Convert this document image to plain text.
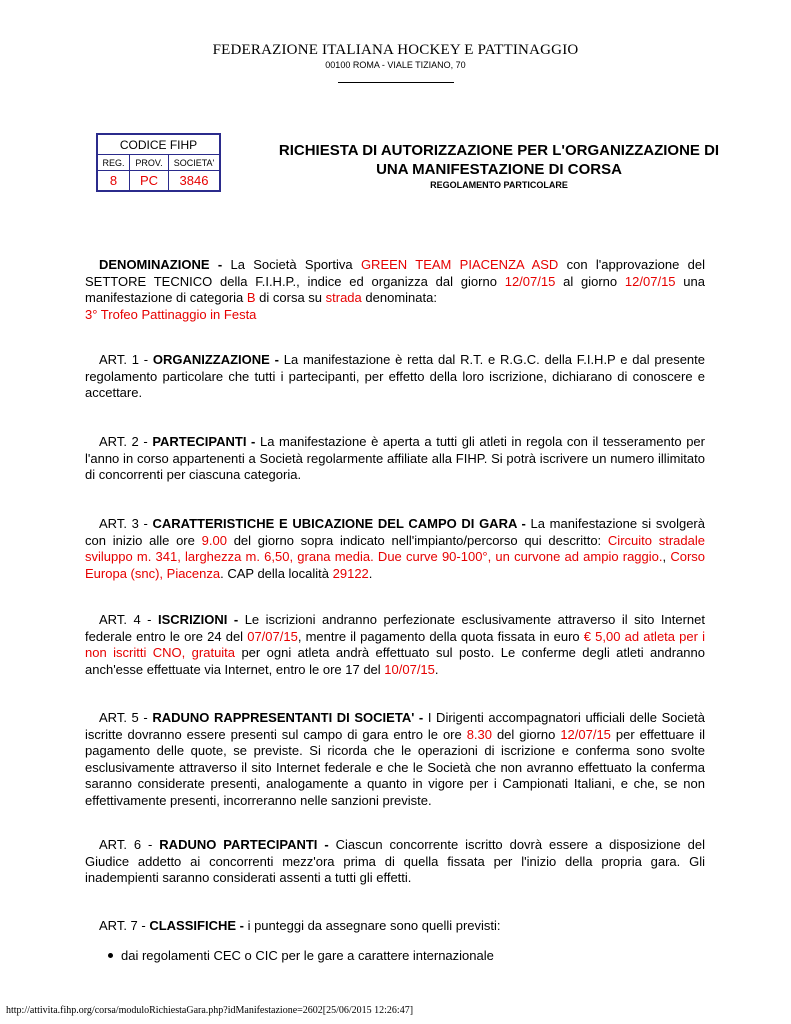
FEDERAZIONE ITALIANA HOCKEY E PATTINAGGIO
00100 ROMA - VIALE TIZIANO, 70
CODICE FIHP		
REG.	PROV.	SOCIETA'
8	PC	3846
RICHIESTA DI AUTORIZZAZIONE PER L'ORGANIZZAZIONE DI
UNA MANIFESTAZIONE DI CORSA
REGOLAMENTO PARTICOLARE
DENOMINAZIONE - La Società Sportiva GREEN TEAM PIACENZA ASD con l'approvazione del SETTORE TECNICO della F.I.H.P., indice ed organizza dal giorno 12/07/15 al giorno 12/07/15 una manifestazione di categoria B di corsa su strada denominata:
3° Trofeo Pattinaggio in Festa
ART. 1 - ORGANIZZAZIONE - La manifestazione è retta dal R.T. e R.G.C. della F.I.H.P e dal presente regolamento particolare che tutti i partecipanti, per effetto della loro iscrizione, dichiarano di conoscere e accettare.
ART. 2 - PARTECIPANTI - La manifestazione è aperta a tutti gli atleti in regola con il tesseramento per l'anno in corso appartenenti a Società regolarmente affiliate alla FIHP. Si potrà iscrivere un numero illimitato di concorrenti per ciascuna categoria.
ART. 3 - CARATTERISTICHE E UBICAZIONE DEL CAMPO DI GARA - La manifestazione si svolgerà con inizio alle ore 9.00 del giorno sopra indicato nell'impianto/percorso qui descritto: Circuito stradale sviluppo m. 341, larghezza m. 6,50, grana media. Due curve 90-100°, un curvone ad ampio raggio., Corso Europa (snc), Piacenza. CAP della località 29122.
ART. 4 - ISCRIZIONI - Le iscrizioni andranno perfezionate esclusivamente attraverso il sito Internet federale entro le ore 24 del 07/07/15, mentre il pagamento della quota fissata in euro € 5,00 ad atleta per i non iscritti CNO, gratuita per ogni atleta andrà effettuato sul posto. Le conferme degli atleti andranno anch'esse effettuate via Internet, entro le ore 17 del 10/07/15.
ART. 5 - RADUNO RAPPRESENTANTI DI SOCIETA' - I Dirigenti accompagnatori ufficiali delle Società iscritte dovranno essere presenti sul campo di gara entro le ore 8.30 del giorno 12/07/15 per effettuare il pagamento delle quote, se previste. Si ricorda che le operazioni di iscrizione e conferma sono svolte esclusivamente attraverso il sito Internet federale e che le Società che non avranno effettuato la conferma saranno considerate presenti, analogamente a quanto in vigore per i Campionati Italiani, e che, se non effettivamente presenti, incorreranno nelle sanzioni previste.
ART. 6 - RADUNO PARTECIPANTI - Ciascun concorrente iscritto dovrà essere a disposizione del Giudice addetto ai concorrenti mezz'ora prima di quella fissata per l'inizio della propria gara. Gli inadempienti saranno considerati assenti a tutti gli effetti.
ART. 7 - CLASSIFICHE - i punteggi da assegnare sono quelli previsti:
dai regolamenti CEC o CIC per le gare a carattere internazionale
http://attivita.fihp.org/corsa/moduloRichiestaGara.php?idManifestazione=2602[25/06/2015 12:26:47]
